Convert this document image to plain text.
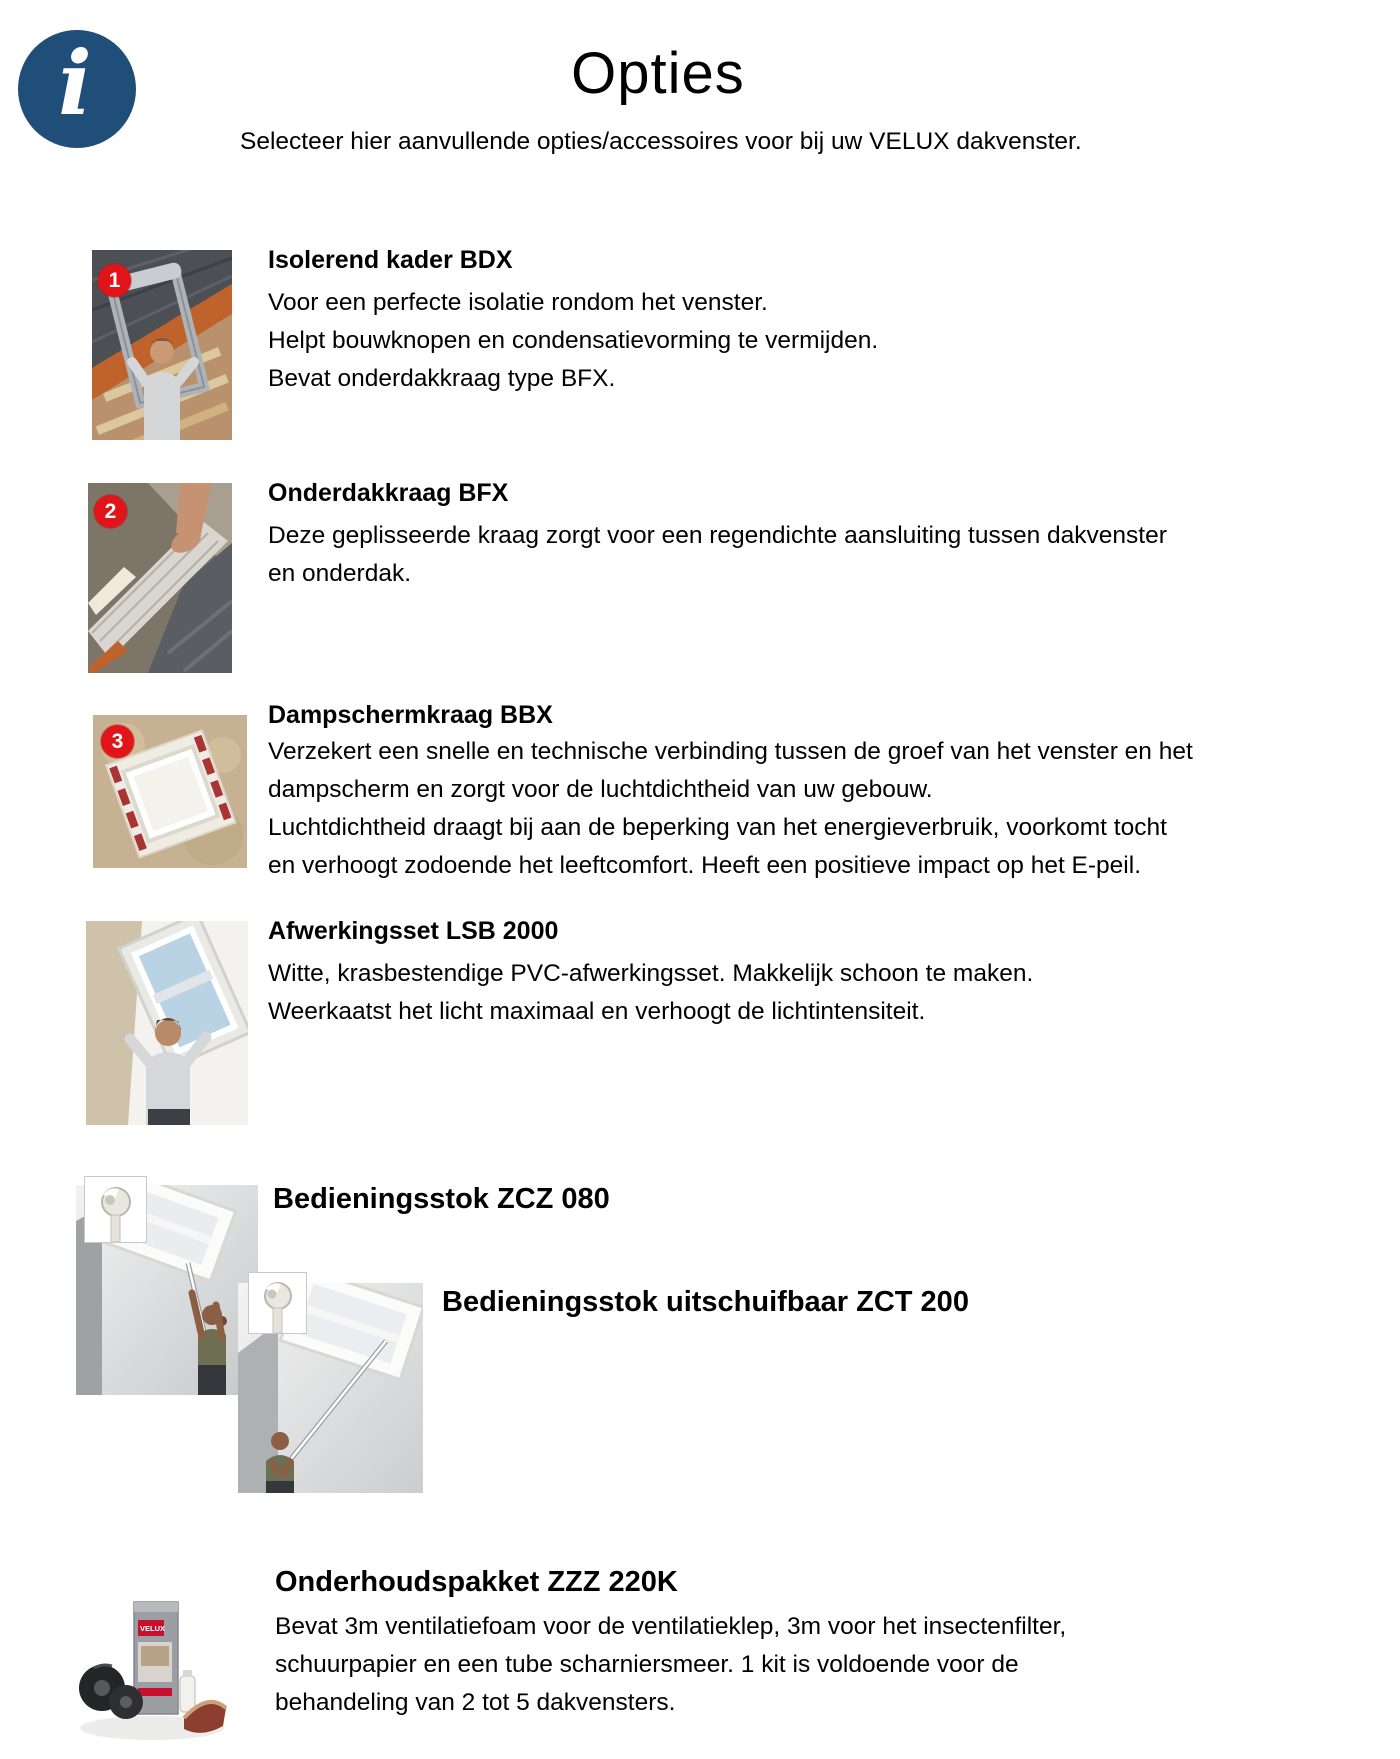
i	Opties
Selecteer hier aanvullende opties/accessoires voor bij uw VELUX dakvenster.
1
Isolerend kader BDX
Voor een perfecte isolatie rondom het venster.
Helpt bouwknopen en condensatievorming te vermijden.
Bevat onderdakkraag type BFX.
2
Onderdakkraag BFX
Deze geplisseerde kraag zorgt voor een regendichte aansluiting tussen dakvenster
en onderdak.
3
Dampschermkraag BBX
Verzekert een snelle en technische verbinding tussen de groef van het venster en het
dampscherm en zorgt voor de luchtdichtheid van uw gebouw.
Luchtdichtheid draagt bij aan de beperking van het energieverbruik, voorkomt tocht
en verhoogt zodoende het leeftcomfort. Heeft een positieve impact op het E-peil.
Afwerkingsset LSB 2000
Witte, krasbestendige PVC-afwerkingsset. Makkelijk schoon te maken.
Weerkaatst het licht maximaal en verhoogt de lichtintensiteit.
Bedieningsstok ZCZ 080
Bedieningsstok uitschuifbaar ZCT 200
VELUX
Onderhoudspakket ZZZ 220K
Bevat 3m ventilatiefoam voor de ventilatieklep, 3m voor het insectenfilter,
schuurpapier en een tube scharniersmeer. 1 kit is voldoende voor de
behandeling van 2 tot 5 dakvensters.
